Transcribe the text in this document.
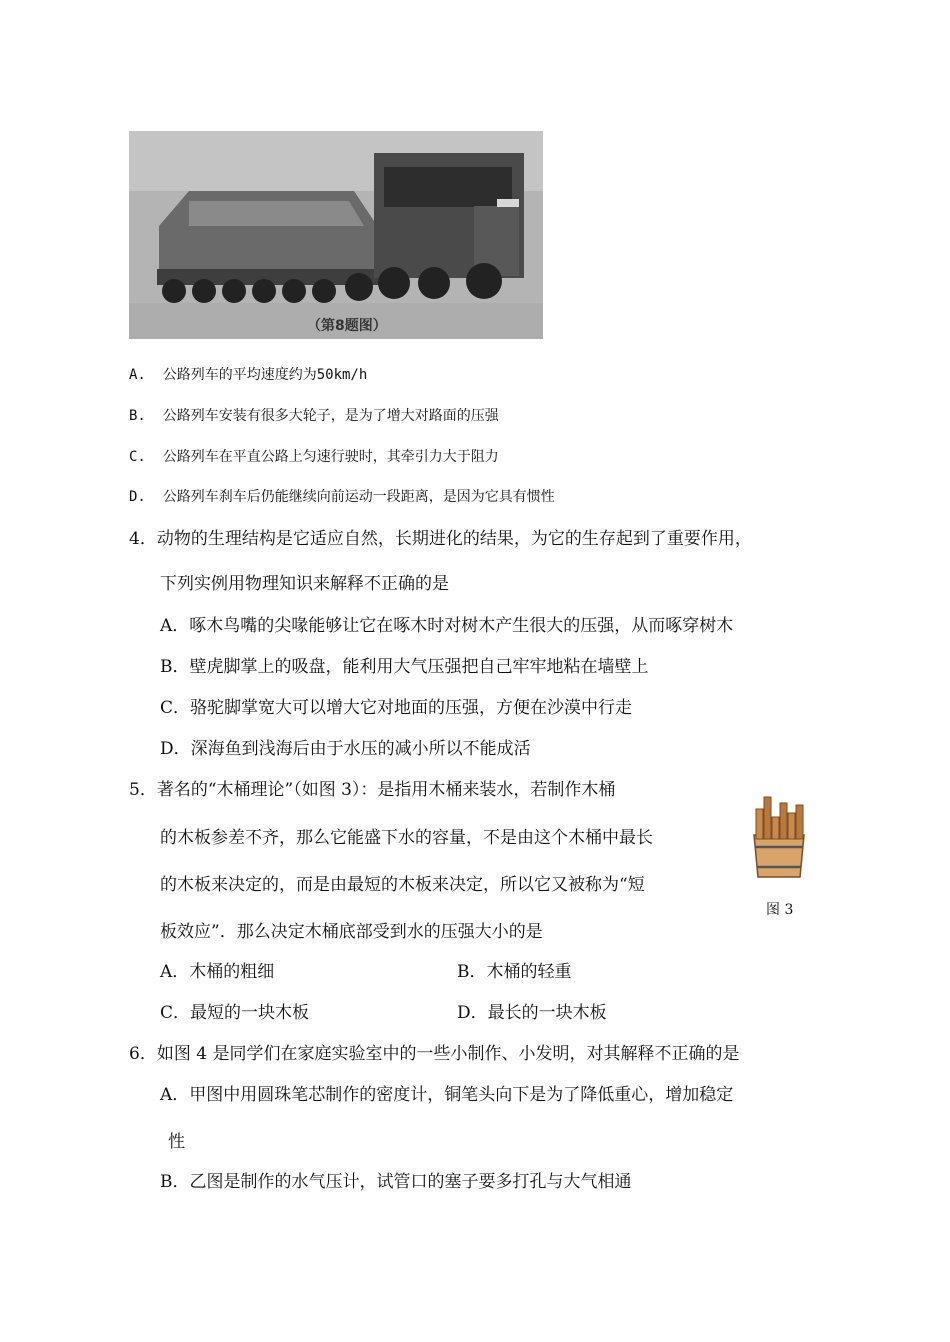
（第8题图）
A. 公路列车的平均速度约为50km/h
B. 公路列车安装有很多大轮子，是为了增大对路面的压强
C. 公路列车在平直公路上匀速行驶时，其牵引力大于阻力
D. 公路列车刹车后仍能继续向前运动一段距离，是因为它具有惯性
4．动物的生理结构是它适应自然，长期进化的结果，为它的生存起到了重要作用，
下列实例用物理知识来解释不正确的是
A．啄木鸟嘴的尖喙能够让它在啄木时对树木产生很大的压强，从而啄穿树木
B．壁虎脚掌上的吸盘，能利用大气压强把自己牢牢地粘在墙壁上
C．骆驼脚掌宽大可以增大它对地面的压强，方便在沙漠中行走
D．深海鱼到浅海后由于水压的减小所以不能成活
5．著名的“木桶理论”（如图 3）：是指用木桶来装水，若制作木桶
的木板参差不齐，那么它能盛下水的容量，不是由这个木桶中最长
的木板来决定的，而是由最短的木板来决定，所以它又被称为“短
板效应”．那么决定木桶底部受到水的压强大小的是
图 3
A．木桶的粗细	B．木桶的轻重
C．最短的一块木板	D．最长的一块木板
6．如图 4 是同学们在家庭实验室中的一些小制作、小发明，对其解释不正确的是
A．甲图中用圆珠笔芯制作的密度计，铜笔头向下是为了降低重心，增加稳定
性
B．乙图是制作的水气压计，试管口的塞子要多打孔与大气相通
